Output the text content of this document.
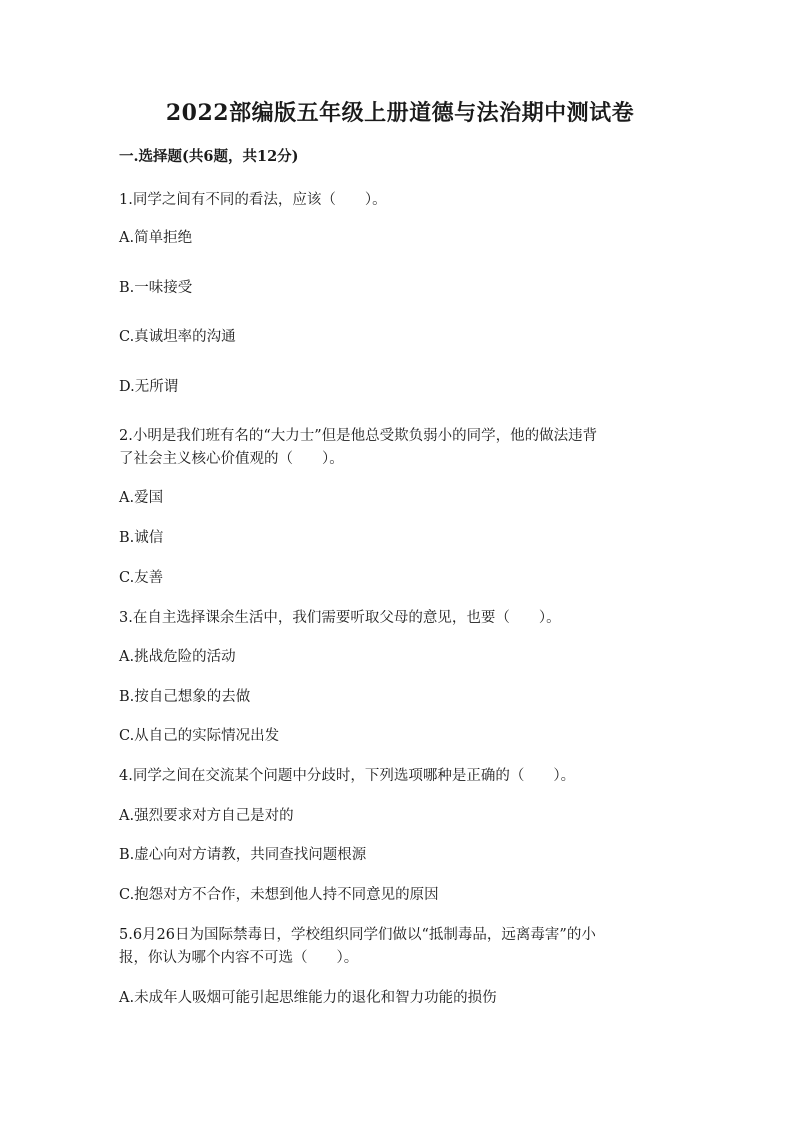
2022部编版五年级上册道德与法治期中测试卷
一.选择题(共6题，共12分)
1.同学之间有不同的看法，应该（　　）。
A.简单拒绝
B.一味接受
C.真诚坦率的沟通
D.无所谓
2.小明是我们班有名的“大力士”但是他总受欺负弱小的同学，他的做法违背
了社会主义核心价值观的（　　）。
A.爱国
B.诚信
C.友善
3.在自主选择课余生活中，我们需要听取父母的意见，也要（　　）。
A.挑战危险的活动
B.按自己想象的去做
C.从自己的实际情况出发
4.同学之间在交流某个问题中分歧时，下列选项哪种是正确的（　　）。
A.强烈要求对方自己是对的
B.虚心向对方请教，共同查找问题根源
C.抱怨对方不合作，未想到他人持不同意见的原因
5.6月26日为国际禁毒日，学校组织同学们做以“抵制毒品，远离毒害”的小
报，你认为哪个内容不可选（　　）。
A.未成年人吸烟可能引起思维能力的退化和智力功能的损伤
